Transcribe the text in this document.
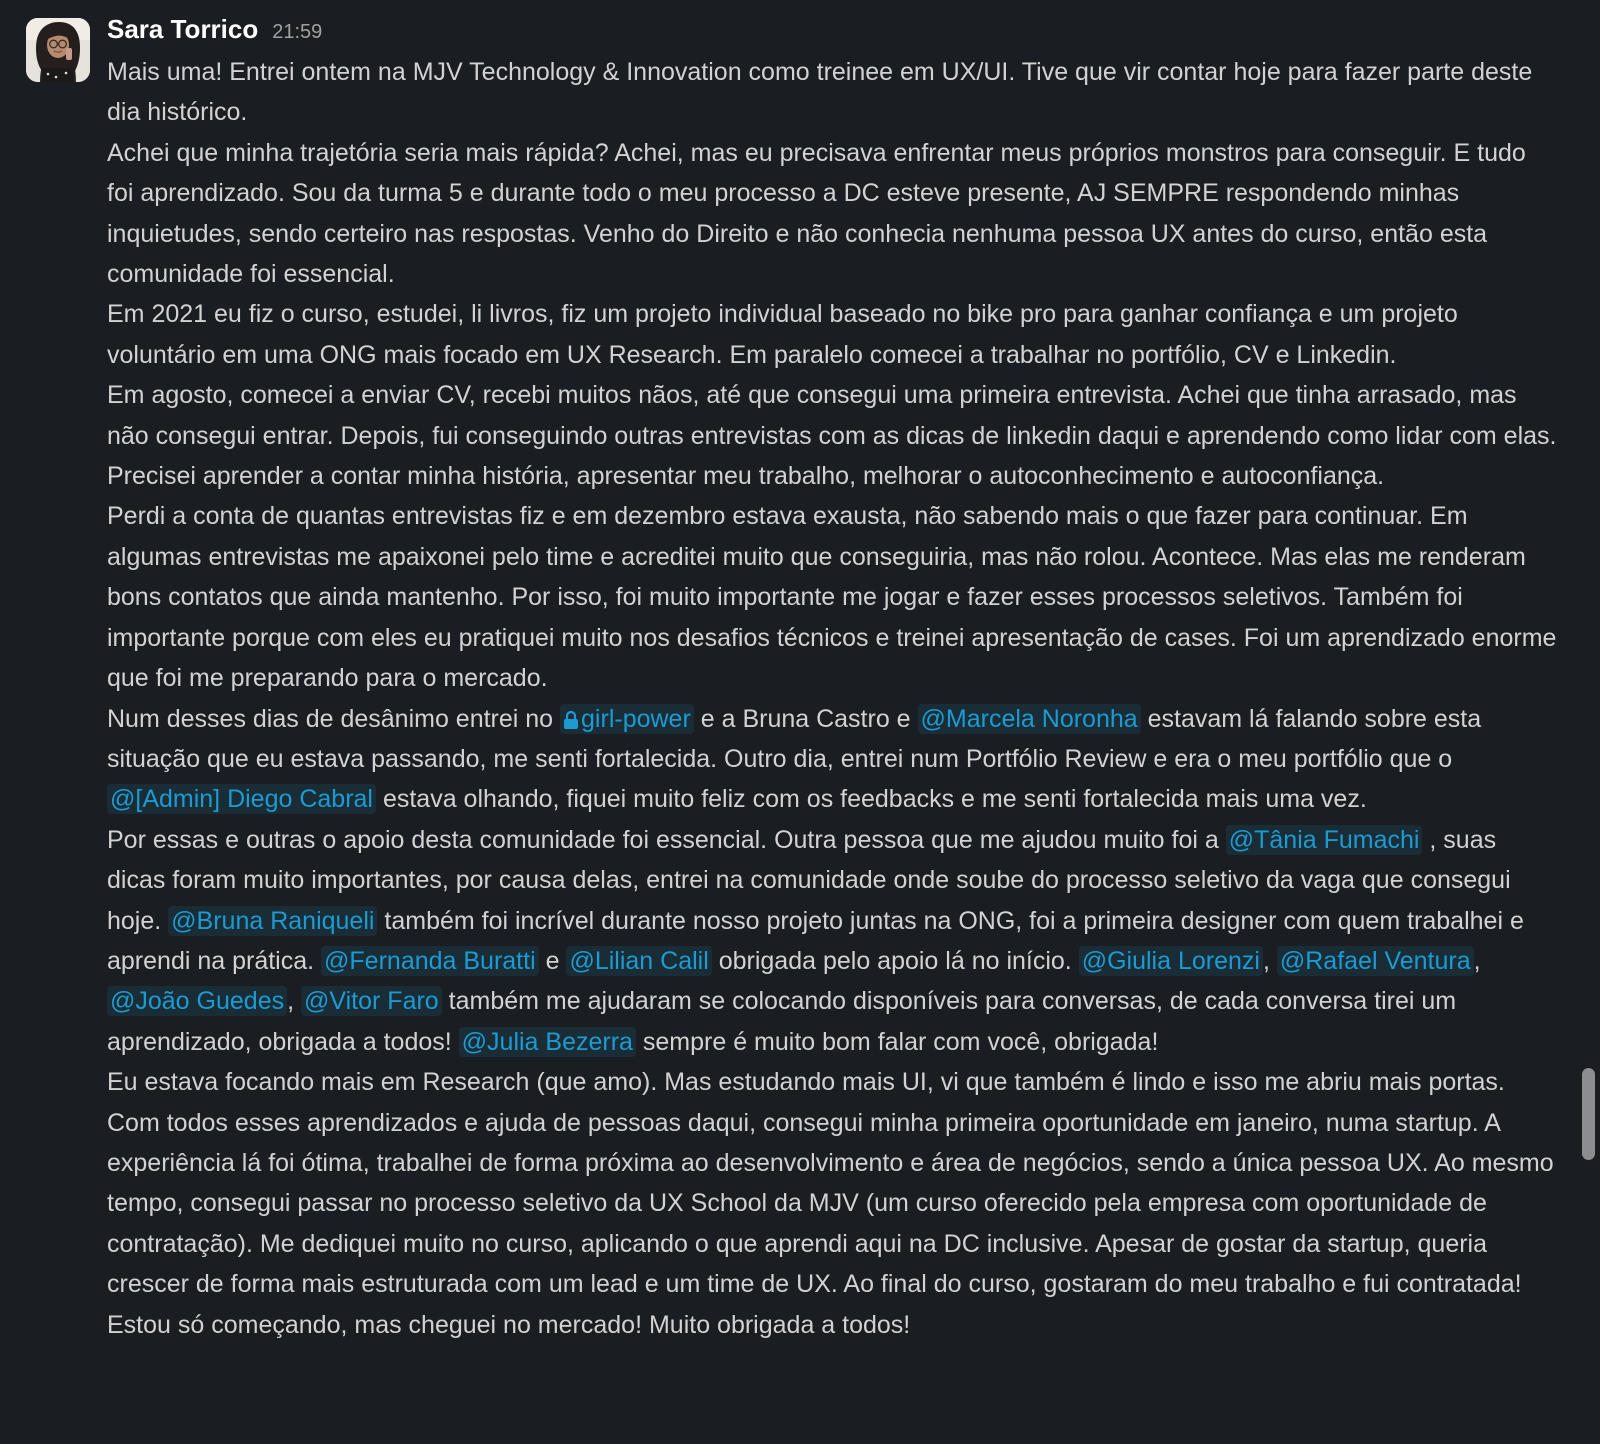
Sara Torrico 21:59

Mais uma! Entrei ontem na MJV Technology & Innovation como treinee em UX/UI. Tive que vir contar hoje para fazer parte deste dia histórico.

Achei que minha trajetória seria mais rápida? Achei, mas eu precisava enfrentar meus próprios monstros para conseguir. E tudo foi aprendizado. Sou da turma 5 e durante todo o meu processo a DC esteve presente, AJ SEMPRE respondendo minhas inquietudes, sendo certeiro nas respostas. Venho do Direito e não conhecia nenhuma pessoa UX antes do curso, então esta comunidade foi essencial.

Em 2021 eu fiz o curso, estudei, li livros, fiz um projeto individual baseado no bike pro para ganhar confiança e um projeto voluntário em uma ONG mais focado em UX Research. Em paralelo comecei a trabalhar no portfólio, CV e Linkedin.

Em agosto, comecei a enviar CV, recebi muitos nãos, até que consegui uma primeira entrevista. Achei que tinha arrasado, mas não consegui entrar. Depois, fui conseguindo outras entrevistas com as dicas de linkedin daqui e aprendendo como lidar com elas. Precisei aprender a contar minha história, apresentar meu trabalho, melhorar o autoconhecimento e autoconfiança.

Perdi a conta de quantas entrevistas fiz e em dezembro estava exausta, não sabendo mais o que fazer para continuar. Em algumas entrevistas me apaixonei pelo time e acreditei muito que conseguiria, mas não rolou. Acontece. Mas elas me renderam bons contatos que ainda mantenho. Por isso, foi muito importante me jogar e fazer esses processos seletivos. Também foi importante porque com eles eu pratiquei muito nos desafios técnicos e treinei apresentação de cases. Foi um aprendizado enorme que foi me preparando para o mercado.

Num desses dias de desânimo entrei no girl-power e a Bruna Castro e @Marcela Noronha estavam lá falando sobre esta situação que eu estava passando, me senti fortalecida. Outro dia, entrei num Portfólio Review e era o meu portfólio que o @[Admin] Diego Cabral estava olhando, fiquei muito feliz com os feedbacks e me senti fortalecida mais uma vez.

Por essas e outras o apoio desta comunidade foi essencial. Outra pessoa que me ajudou muito foi a @Tânia Fumachi , suas dicas foram muito importantes, por causa delas, entrei na comunidade onde soube do processo seletivo da vaga que consegui hoje. @Bruna Raniqueli também foi incrível durante nosso projeto juntas na ONG, foi a primeira designer com quem trabalhei e aprendi na prática. @Fernanda Buratti e @Lilian Calil obrigada pelo apoio lá no início. @Giulia Lorenzi , @Rafael Ventura , @João Guedes , @Vitor Faro também me ajudaram se colocando disponíveis para conversas, de cada conversa tirei um aprendizado, obrigada a todos! @Julia Bezerra sempre é muito bom falar com você, obrigada!

Eu estava focando mais em Research (que amo). Mas estudando mais UI, vi que também é lindo e isso me abriu mais portas.

Com todos esses aprendizados e ajuda de pessoas daqui, consegui minha primeira oportunidade em janeiro, numa startup. A experiência lá foi ótima, trabalhei de forma próxima ao desenvolvimento e área de negócios, sendo a única pessoa UX. Ao mesmo tempo, consegui passar no processo seletivo da UX School da MJV (um curso oferecido pela empresa com oportunidade de contratação). Me dediquei muito no curso, aplicando o que aprendi aqui na DC inclusive. Apesar de gostar da startup, queria crescer de forma mais estruturada com um lead e um time de UX. Ao final do curso, gostaram do meu trabalho e fui contratada! Estou só começando, mas cheguei no mercado! Muito obrigada a todos!
